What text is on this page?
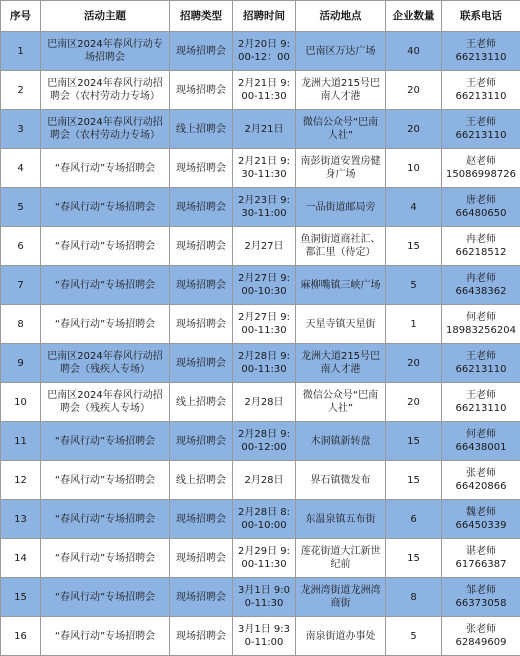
序号	活动主题	招聘类型	招聘时间	活动地点	企业数量	联系电话
1	巴南区2024年春风行动专场招聘会	现场招聘会	2月20日 9:00-12：00	巴南区万达广场	40	王老师
66213110

2	巴南区2024年春风行动招聘会（农村劳动力专场）	现场招聘会	2月21日 9:00-11:30	龙洲大道215号巴南人才港	20	王老师
66213110

3	巴南区2024年春风行动招聘会（农村劳动力专场）	线上招聘会	2月21日	微信公众号“巴南人社”	20	王老师
66213110

4	“春风行动”专场招聘会	现场招聘会	2月21日 9:30-11:30	南彭街道安置房健身广场	10	赵老师
15086998726

5	“春风行动”专场招聘会	现场招聘会	2月23日 9:30-11:00	一品街道邮局旁	4	唐老师
66480650

6	“春风行动”专场招聘会	现场招聘会	2月27日	鱼洞街道商社汇、都汇里（待定）	15	冉老师
66218512

7	“春风行动”专场招聘会	现场招聘会	2月27日 9:00-10:30	麻柳嘴镇三峡广场	5	冉老师
66438362

8	“春风行动”专场招聘会	现场招聘会	2月27日 9:00-11:30	天星寺镇天星街	1	何老师
18983256204

9	巴南区2024年春风行动招聘会（残疾人专场）	现场招聘会	2月28日 9:00-11:30	龙洲大道215号巴南人才港	20	王老师
66213110

10	巴南区2024年春风行动招聘会（残疾人专场）	线上招聘会	2月28日	微信公众号“巴南人社”	20	王老师
66213110

11	“春风行动”专场招聘会	现场招聘会	2月28日 9:00-12:00	木洞镇新转盘	15	何老师
66438001

12	“春风行动”专场招聘会	线上招聘会	2月28日	界石镇微发布	15	张老师
66420866

13	“春风行动”专场招聘会	现场招聘会	2月28日 8:00-10:00	东温泉镇五布街	6	魏老师
66450339

14	“春风行动”专场招聘会	现场招聘会	2月29日 9:00-11:30	莲花街道大江新世纪前	15	谌老师
61766387

15	“春风行动”专场招聘会	现场招聘会	3月1日 9:00-11:30	龙洲湾街道龙洲湾商街	8	邹老师
66373058

16	“春风行动”专场招聘会	现场招聘会	3月1日 9:30-11:00	南泉街道办事处	5	张老师
62849609
